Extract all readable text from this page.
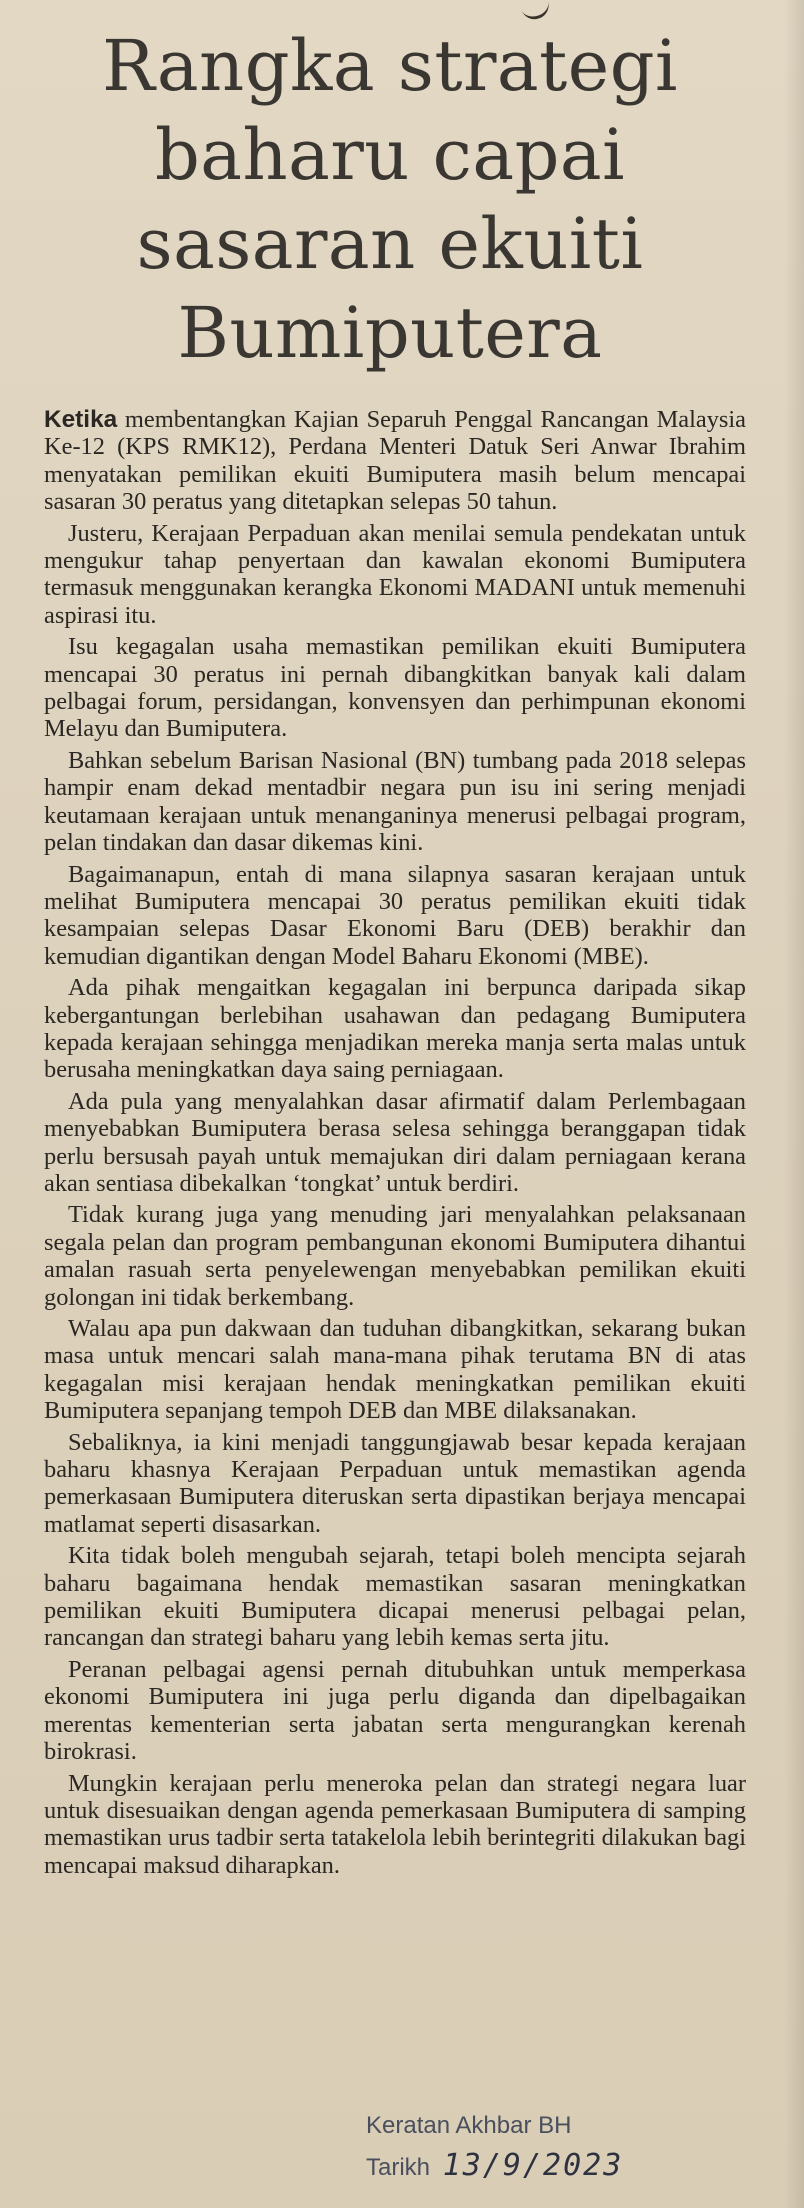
Rangka strategi
baharu capai
sasaran ekuiti
Bumiputera

Ketika membentangkan Kajian Separuh Penggal Rancangan Malaysia Ke-12 (KPS RMK12), Perdana Menteri Datuk Seri Anwar Ibrahim menyatakan pemilikan ekuiti Bumiputera masih belum mencapai sasaran 30 peratus yang ditetapkan selepas 50 tahun.

Justeru, Kerajaan Perpaduan akan menilai semula pendekatan untuk mengukur tahap penyertaan dan kawalan ekonomi Bumiputera termasuk menggunakan kerangka Ekonomi MADANI untuk memenuhi aspirasi itu.

Isu kegagalan usaha memastikan pemilikan ekuiti Bumiputera mencapai 30 peratus ini pernah dibangkitkan banyak kali dalam pelbagai forum, persidangan, konvensyen dan perhimpunan ekonomi Melayu dan Bumiputera.

Bahkan sebelum Barisan Nasional (BN) tumbang pada 2018 selepas hampir enam dekad mentadbir negara pun isu ini sering menjadi keutamaan kerajaan untuk menanganinya menerusi pelbagai program, pelan tindakan dan dasar dikemas kini.

Bagaimanapun, entah di mana silapnya sasaran kerajaan untuk melihat Bumiputera mencapai 30 peratus pemilikan ekuiti tidak kesampaian selepas Dasar Ekonomi Baru (DEB) berakhir dan kemudian digantikan dengan Model Baharu Ekonomi (MBE).

Ada pihak mengaitkan kegagalan ini berpunca daripada sikap kebergantungan berlebihan usahawan dan pedagang Bumiputera kepada kerajaan sehingga menjadikan mereka manja serta malas untuk berusaha meningkatkan daya saing perniagaan.

Ada pula yang menyalahkan dasar afirmatif dalam Perlembagaan menyebabkan Bumiputera berasa selesa sehingga beranggapan tidak perlu bersusah payah untuk memajukan diri dalam perniagaan kerana akan sentiasa dibekalkan ‘tongkat’ untuk berdiri.

Tidak kurang juga yang menuding jari menyalahkan pelaksanaan segala pelan dan program pembangunan ekonomi Bumiputera dihantui amalan rasuah serta penyelewengan menyebabkan pemilikan ekuiti golongan ini tidak berkembang.

Walau apa pun dakwaan dan tuduhan dibangkitkan, sekarang bukan masa untuk mencari salah mana-mana pihak terutama BN di atas kegagalan misi kerajaan hendak meningkatkan pemilikan ekuiti Bumiputera sepanjang tempoh DEB dan MBE dilaksanakan.

Sebaliknya, ia kini menjadi tanggungjawab besar kepada kerajaan baharu khasnya Kerajaan Perpaduan untuk memastikan agenda pemerkasaan Bumiputera diteruskan serta dipastikan berjaya mencapai matlamat seperti disasarkan.

Kita tidak boleh mengubah sejarah, tetapi boleh mencipta sejarah baharu bagaimana hendak memastikan sasaran meningkatkan pemilikan ekuiti Bumiputera dicapai menerusi pelbagai pelan, rancangan dan strategi baharu yang lebih kemas serta jitu.

Peranan pelbagai agensi pernah ditubuhkan untuk memperkasa ekonomi Bumiputera ini juga perlu diganda dan dipelbagaikan merentas kementerian serta jabatan serta mengurangkan kerenah birokrasi.

Mungkin kerajaan perlu meneroka pelan dan strategi negara luar untuk disesuaikan dengan agenda pemerkasaan Bumiputera di samping memastikan urus tadbir serta tatakelola lebih berintegriti dilakukan bagi mencapai maksud diharapkan.

Keratan Akhbar BH
Tarikh 13/9/2023
